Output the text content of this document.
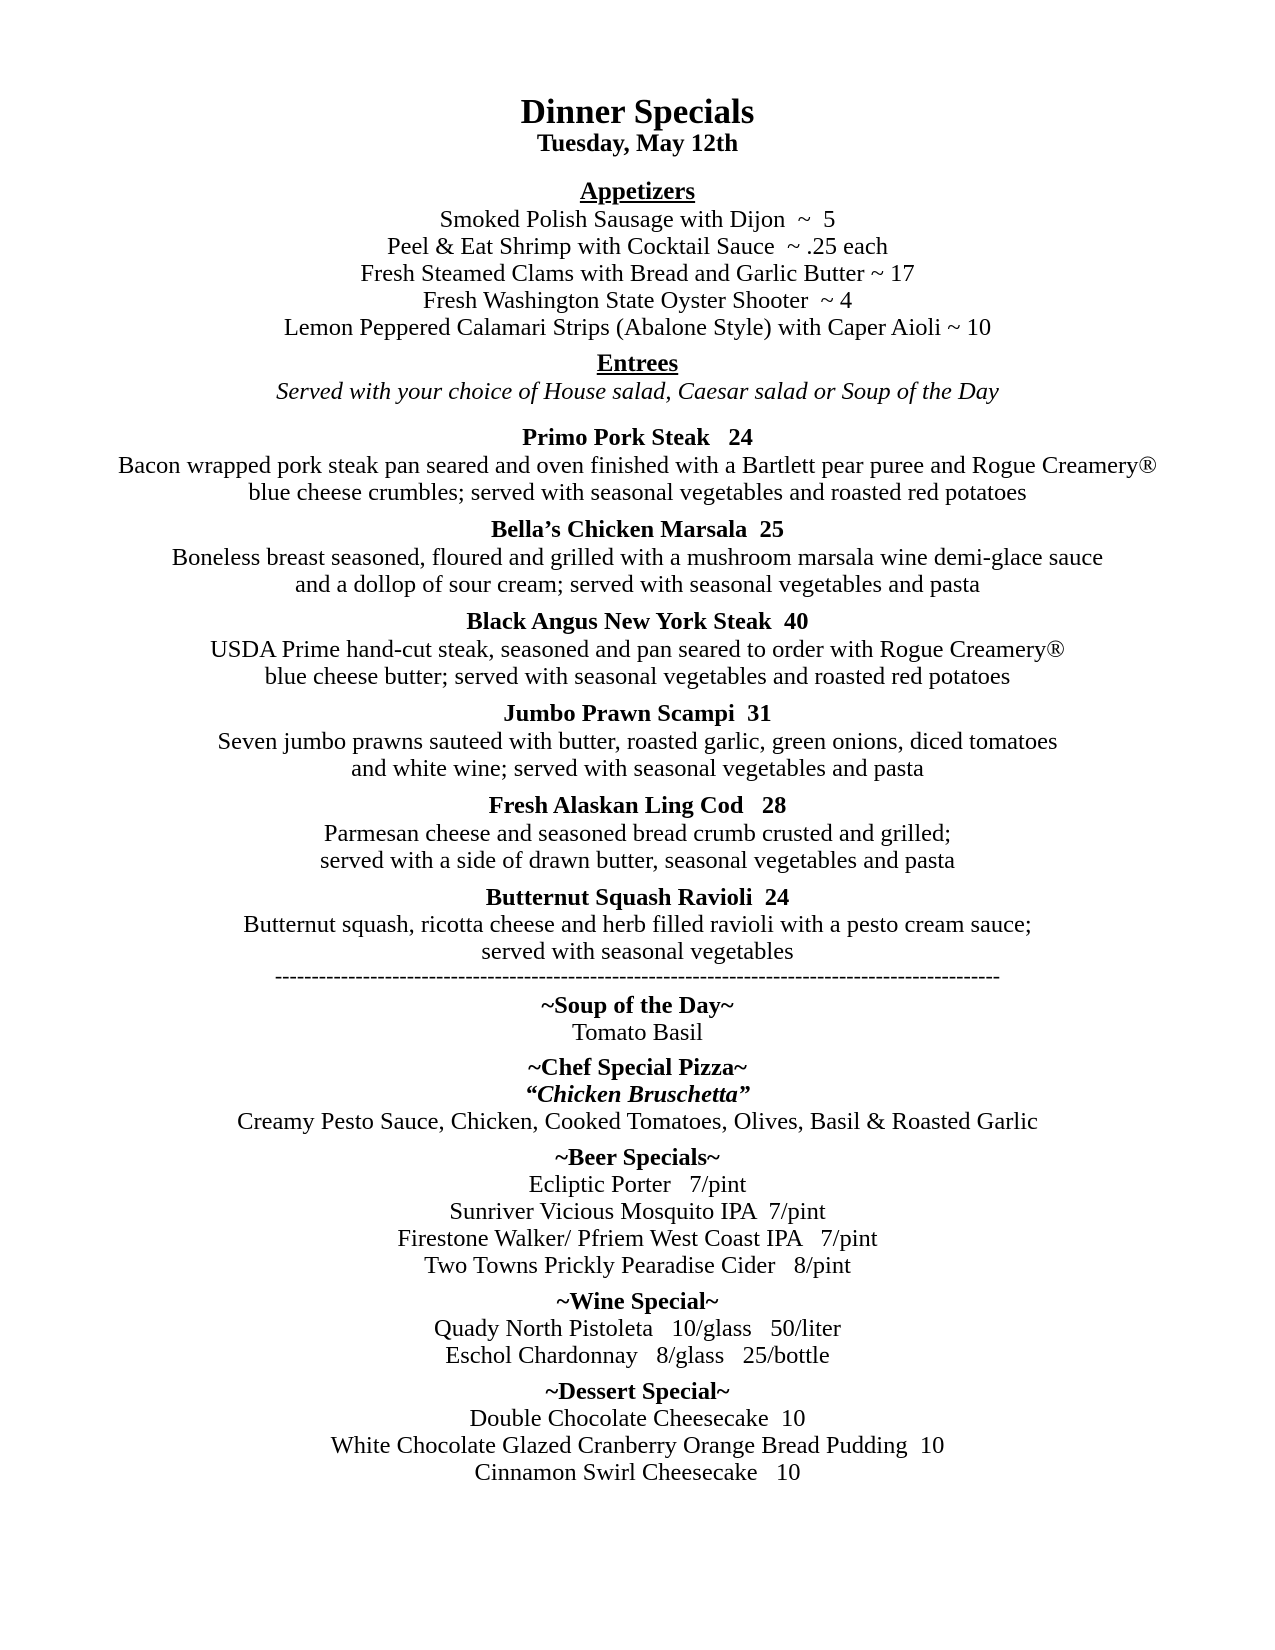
Dinner Specials
Tuesday, May 12th
Appetizers
Smoked Polish Sausage with Dijon  ~  5
Peel & Eat Shrimp with Cocktail Sauce  ~ .25 each
Fresh Steamed Clams with Bread and Garlic Butter ~ 17
Fresh Washington State Oyster Shooter  ~ 4
Lemon Peppered Calamari Strips (Abalone Style) with Caper Aioli ~ 10
Entrees
Served with your choice of House salad, Caesar salad or Soup of the Day
Primo Pork Steak   24
Bacon wrapped pork steak pan seared and oven finished with a Bartlett pear puree and Rogue Creamery®
blue cheese crumbles; served with seasonal vegetables and roasted red potatoes
Bella’s Chicken Marsala  25
Boneless breast seasoned, floured and grilled with a mushroom marsala wine demi-glace sauce
and a dollop of sour cream; served with seasonal vegetables and pasta
Black Angus New York Steak  40
USDA Prime hand-cut steak, seasoned and pan seared to order with Rogue Creamery®
blue cheese butter; served with seasonal vegetables and roasted red potatoes
Jumbo Prawn Scampi  31
Seven jumbo prawns sauteed with butter, roasted garlic, green onions, diced tomatoes
and white wine; served with seasonal vegetables and pasta
Fresh Alaskan Ling Cod   28
Parmesan cheese and seasoned bread crumb crusted and grilled;
served with a side of drawn butter, seasonal vegetables and pasta
Butternut Squash Ravioli  24
Butternut squash, ricotta cheese and herb filled ravioli with a pesto cream sauce;
served with seasonal vegetables
---------------------------------------------------------------------------------------------------
~Soup of the Day~
Tomato Basil
~Chef Special Pizza~
“Chicken Bruschetta”
Creamy Pesto Sauce, Chicken, Cooked Tomatoes, Olives, Basil & Roasted Garlic
~Beer Specials~
Ecliptic Porter   7/pint
Sunriver Vicious Mosquito IPA  7/pint
Firestone Walker/ Pfriem West Coast IPA   7/pint
Two Towns Prickly Pearadise Cider   8/pint
~Wine Special~
Quady North Pistoleta   10/glass   50/liter
Eschol Chardonnay   8/glass   25/bottle
~Dessert Special~
Double Chocolate Cheesecake  10
White Chocolate Glazed Cranberry Orange Bread Pudding  10
Cinnamon Swirl Cheesecake   10
